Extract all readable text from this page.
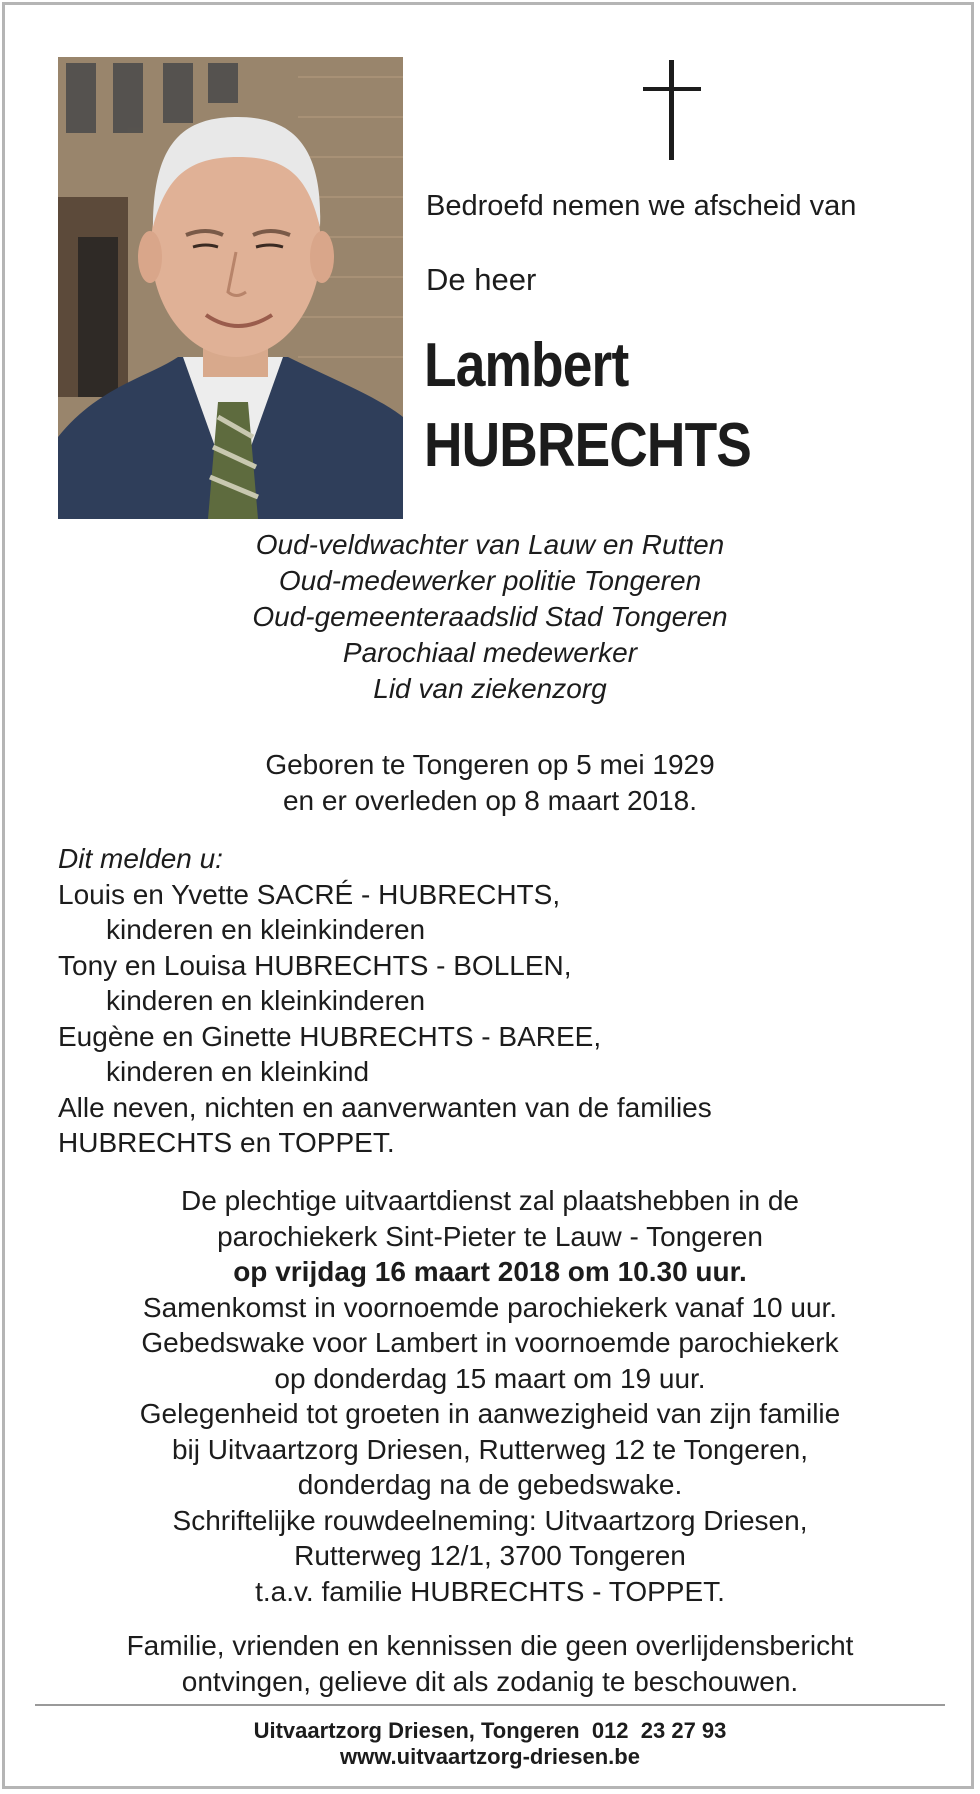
Bedroefd nemen we afscheid van
De heer
Lambert
HUBRECHTS
Oud-veldwachter van Lauw en Rutten
Oud-medewerker politie Tongeren
Oud-gemeenteraadslid Stad Tongeren
Parochiaal medewerker
Lid van ziekenzorg
Geboren te Tongeren op 5 mei 1929
en er overleden op 8 maart 2018.
Dit melden u:
Louis en Yvette SACRÉ - HUBRECHTS,
kinderen en kleinkinderen
Tony en Louisa HUBRECHTS - BOLLEN,
kinderen en kleinkinderen
Eugène en Ginette HUBRECHTS - BAREE,
kinderen en kleinkind
Alle neven, nichten en aanverwanten van de families
HUBRECHTS en TOPPET.
De plechtige uitvaartdienst zal plaatshebben in de
parochiekerk Sint-Pieter te Lauw - Tongeren
op vrijdag 16 maart 2018 om 10.30 uur.
Samenkomst in voornoemde parochiekerk vanaf 10 uur.
Gebedswake voor Lambert in voornoemde parochiekerk
op donderdag 15 maart om 19 uur.
Gelegenheid tot groeten in aanwezigheid van zijn familie
bij Uitvaartzorg Driesen, Rutterweg 12 te Tongeren,
donderdag na de gebedswake.
Schriftelijke rouwdeelneming: Uitvaartzorg Driesen,
Rutterweg 12/1, 3700 Tongeren
t.a.v. familie HUBRECHTS - TOPPET.
Familie, vrienden en kennissen die geen overlijdensbericht
ontvingen, gelieve dit als zodanig te beschouwen.
Uitvaartzorg Driesen, Tongeren 012  23 27 93
www.uitvaartzorg-driesen.be
